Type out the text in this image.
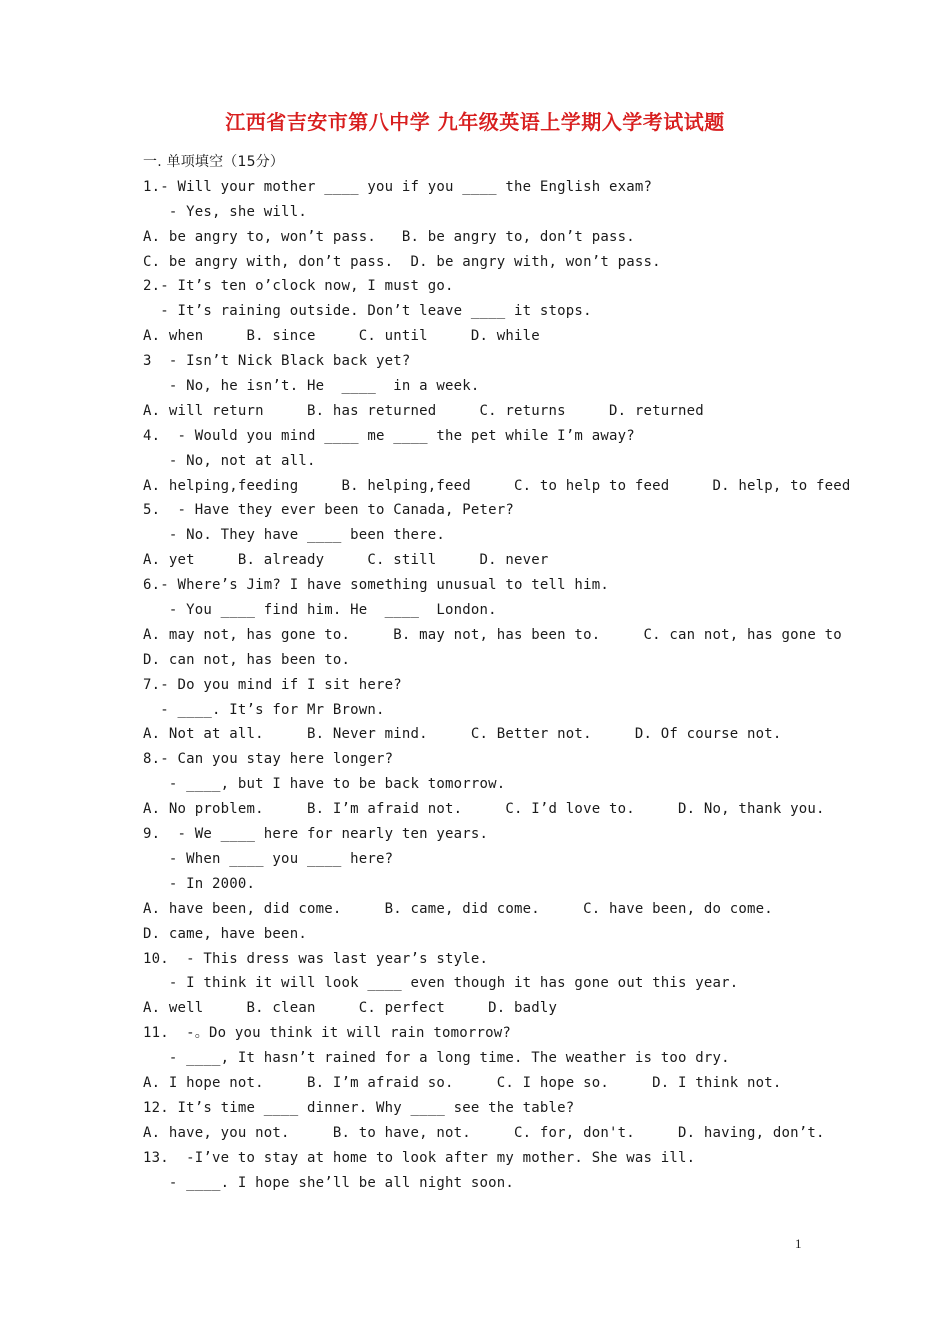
江西省吉安市第八中学 九年级英语上学期入学考试试题
一. 单项填空（15分）
1.- Will your mother ____ you if you ____ the English exam?
- Yes, she will.
A. be angry to, won’t pass.   B. be angry to, don’t pass.
C. be angry with, don’t pass.  D. be angry with, won’t pass.
2.- It’s ten o’clock now, I must go.
- It’s raining outside. Don’t leave ____ it stops.
A. when     B. since     C. until     D. while
3  - Isn’t Nick Black back yet?
- No, he isn’t. He  ____  in a week.
A. will return     B. has returned     C. returns     D. returned
4.  - Would you mind ____ me ____ the pet while I’m away?
- No, not at all.
A. helping,feeding     B. helping,feed     C. to help to feed     D. help, to feed
5.  - Have they ever been to Canada, Peter?
- No. They have ____ been there.
A. yet     B. already     C. still     D. never
6.- Where’s Jim? I have something unusual to tell him.
- You ____ find him. He  ____  London.
A. may not, has gone to.     B. may not, has been to.     C. can not, has gone to
D. can not, has been to.
7.- Do you mind if I sit here?
- ____. It’s for Mr Brown.
A. Not at all.     B. Never mind.     C. Better not.     D. Of course not.
8.- Can you stay here longer?
- ____, but I have to be back tomorrow.
A. No problem.     B. I’m afraid not.     C. I’d love to.     D. No, thank you.
9.  - We ____ here for nearly ten years.
- When ____ you ____ here?
- In 2000.
A. have been, did come.     B. came, did come.     C. have been, do come.
D. came, have been.
10.  - This dress was last year’s style.
- I think it will look ____ even though it has gone out this year.
A. well     B. clean     C. perfect     D. badly
11.  -。Do you think it will rain tomorrow?
- ____, It hasn’t rained for a long time. The weather is too dry.
A. I hope not.     B. I’m afraid so.     C. I hope so.     D. I think not.
12. It’s time ____ dinner. Why ____ see the table?
A. have, you not.     B. to have, not.     C. for, don't.     D. having, don’t.
13.  -I’ve to stay at home to look after my mother. She was ill.
- ____. I hope she’ll be all night soon.
1
